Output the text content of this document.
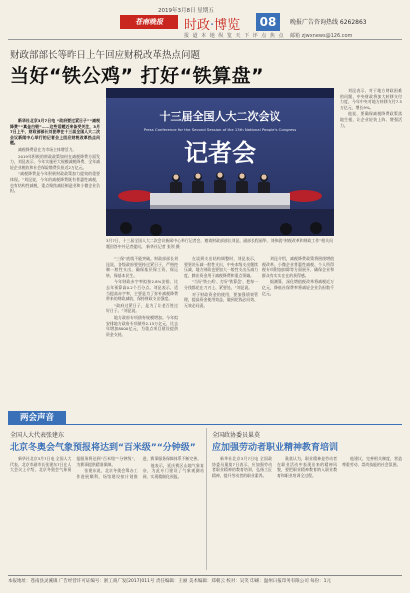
2019年3月8日 星期五
苍南晚报	时政·博览	08	晚报广告咨询热线 6262863
报 道 本 地 纵 览 天 下 评 点 焦 点 邮箱 zjwxnews@126.com
财政部部长等昨日上午回应财税改革热点问题
当好“铁公鸡” 打好“铁算盘”

新华社北京3月7日电 “政府要过紧日子”“减税降费”“真金白银”……这些话题近来备受关注，3月7日上午，财政部部长刘昆等在十三届全国人大二次会议新闻中心举行的记者会上回应财税改革热点问题。

减税降费意在为市场主体增活力。

2019年积极的财政政策如何在减税降费方面发力，刘昆表示，今年实施更大规模减税降费，全年减轻企业税收和社会保险缴费负担近2万亿元。

“减税降费是今年积极财政政策加力提效的重要体现。”刘昆说，今年的减税降费既有普惠性减税，也有结构性减税，重点聚焦减轻制造业和小微企业负担。

十三届全国人大二次会议
Press Conference for the Second Session of the 13th National People's Congress
记者会
3月7日，十三届全国人大二次会议新闻中心举行记者会，邀请财政部部长刘昆、副部长程丽华、刘伟就“财税改革和财政工作”相关问题回答中外记者提问。 新华社记者 张领 摄

“三保”底线不能突破。财政部部长刘昆说，各级政府要坚持过紧日子，严格控制一般性支出，确保基层保工资、保运转、保基本民生。

今年财政赤字率拟按2.8%安排，比去年预算高0.2个百分点。刘昆表示，适当提高赤字率，主要是为了弥补减税降费带来的财政减收，保持财政支出强度。

“政府过紧日子，是为了让老百姓过好日子。”刘昆说。

地方政府专项债券规模增加。今年拟安排地方政府专项债券2.15万亿元，比去年增加8000亿元，为重点项目建设提供资金支持。

在谈到支出结构调整时，刘昆表示，要坚决压减一般性支出，中央本级支出继续压减，地方财政也要加大一般性支出压减力度，腾出资金用于减税降费和重点领域。

“当好‘铁公鸡’、打好‘铁算盘’，把每一分钱都花在刀刃上、紧要处。”刘昆说。

对于财政资金的使用，要加强绩效管理，提高资金使用效益，做到花钱必问效、无效必问责。

刘昆介绍，减税降费政策将围绕增值税改革、小微企业普惠性减税、个人所得税专项附加扣除等方面展开，确保企业和群众有实实在在的获得感。

据测算，深化增值税改革将减税近万亿元，降低社保费率将减轻企业负担数千亿元。

刘昆表示，对于地方财政困难的问题，中央财政将加大转移支付力度，今年中央对地方转移支付7.5万亿元，增长9%。

他说，要确保减税降费政策落地生根，让企业轻装上阵、增强活力。

两会声音
全国人大代表张建东
北京冬奥会气象预报将达到“百米级”“分钟级”

新华社北京3月7日电 全国人大代表、北京市副市长张建东7日在人大会议上介绍，北京冬奥会气象预报服务将达到“百米级”“分钟级”，为赛事提供精准保障。

张建东说，北京冬奥会筹办工作进展顺利，场馆建设按计划推进，赛事服务保障体系不断完善。

他表示，延庆赛区山地气象复杂，为此专门建设了气象观测站网，实现精细化预报。

全国政协委员巢莫
应加强劳动者职业精神教育培训

新华社北京3月7日电 全国政协委员巢莫7日表示，应加强劳动者职业精神的教育培训，弘扬工匠精神，提升劳动者的职业素养。

巢莫认为，职业精神是劳动者在职业活动中表现出来的精神风貌，要把职业精神教育纳入职业教育和职业培训全过程。

他建议，完善相关制度，营造尊重劳动、崇尚技能的社会氛围。

本报地址：苍南县灵溪镇 广告经营许可证编号：浙工商广发[2017]011号 责任编辑：王丽 美术编辑：郑朝云 校对：吴笑 印刷：温州日报印务有限公司 每份：1元
